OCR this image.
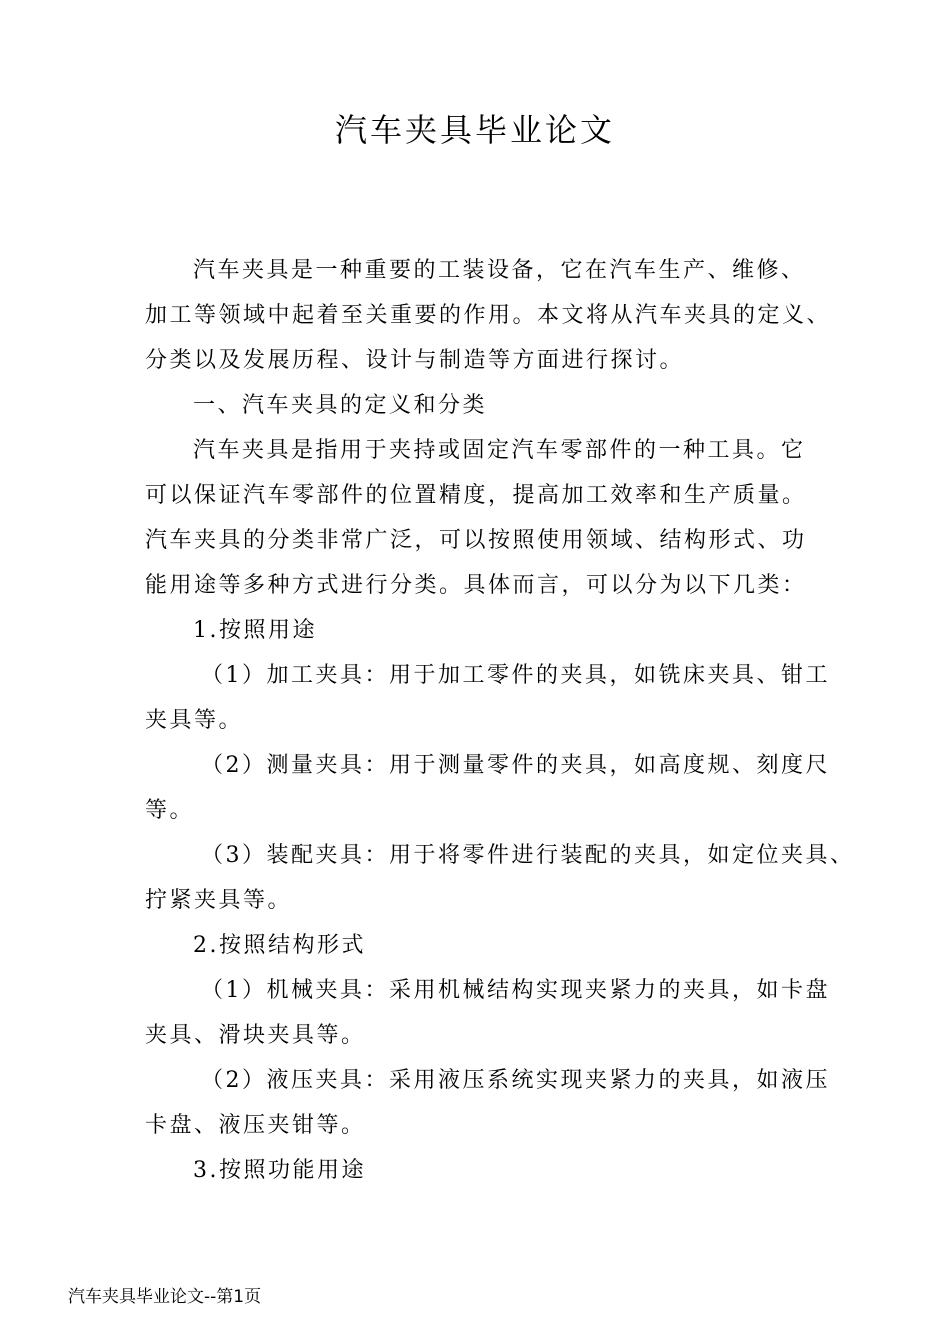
汽车夹具毕业论文

汽车夹具是一种重要的工装设备，它在汽车生产、维修、
加工等领域中起着至关重要的作用。本文将从汽车夹具的定义、
分类以及发展历程、设计与制造等方面进行探讨。

一、汽车夹具的定义和分类

汽车夹具是指用于夹持或固定汽车零部件的一种工具。它
可以保证汽车零部件的位置精度，提高加工效率和生产质量。
汽车夹具的分类非常广泛，可以按照使用领域、结构形式、功
能用途等多种方式进行分类。具体而言，可以分为以下几类：

1.按照用途

（1）加工夹具：用于加工零件的夹具，如铣床夹具、钳工
夹具等。

（2）测量夹具：用于测量零件的夹具，如高度规、刻度尺
等。

（3）装配夹具：用于将零件进行装配的夹具，如定位夹具、
拧紧夹具等。

2.按照结构形式

（1）机械夹具：采用机械结构实现夹紧力的夹具，如卡盘
夹具、滑块夹具等。

（2）液压夹具：采用液压系统实现夹紧力的夹具，如液压
卡盘、液压夹钳等。

3.按照功能用途

汽车夹具毕业论文--第1页
